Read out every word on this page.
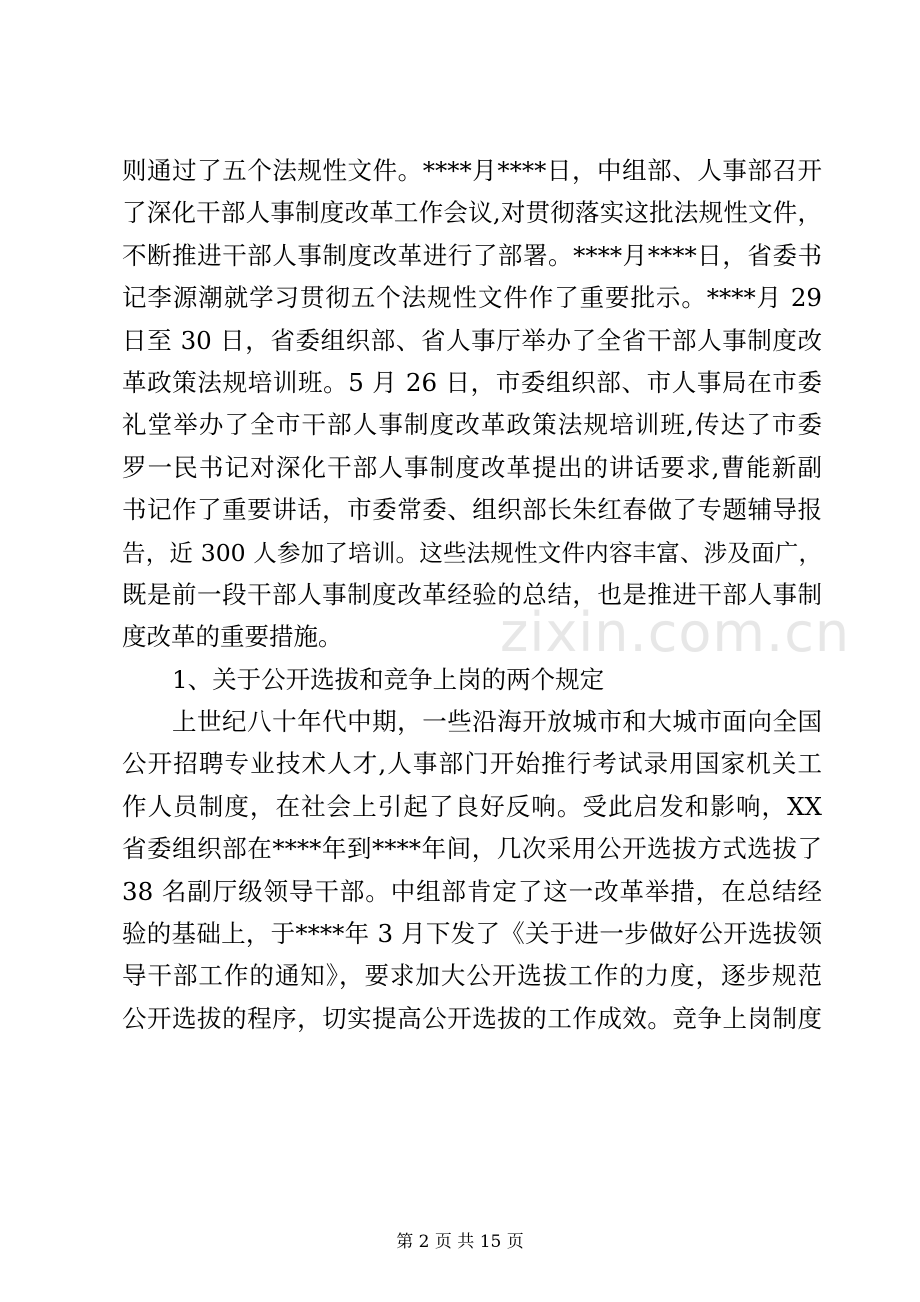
则通过了五个法规性文件。****月****日，中组部、人事部召开
了深化干部人事制度改革工作会议,对贯彻落实这批法规性文件，
不断推进干部人事制度改革进行了部署。****月****日，省委书
记李源潮就学习贯彻五个法规性文件作了重要批示。****月 29
日至 30 日，省委组织部、省人事厅举办了全省干部人事制度改
革政策法规培训班。5 月 26 日，市委组织部、市人事局在市委
礼堂举办了全市干部人事制度改革政策法规培训班,传达了市委
罗一民书记对深化干部人事制度改革提出的讲话要求,曹能新副
书记作了重要讲话，市委常委、组织部长朱红春做了专题辅导报
告，近 300 人参加了培训。这些法规性文件内容丰富、涉及面广，
既是前一段干部人事制度改革经验的总结，也是推进干部人事制
度改革的重要措施。
1、关于公开选拔和竞争上岗的两个规定
上世纪八十年代中期，一些沿海开放城市和大城市面向全国
公开招聘专业技术人才,人事部门开始推行考试录用国家机关工
作人员制度，在社会上引起了良好反响。受此启发和影响，XX
省委组织部在****年到****年间，几次采用公开选拔方式选拔了
38 名副厅级领导干部。中组部肯定了这一改革举措，在总结经
验的基础上，于****年 3 月下发了《关于进一步做好公开选拔领
导干部工作的通知》，要求加大公开选拔工作的力度，逐步规范
公开选拔的程序，切实提高公开选拔的工作成效。竞争上岗制度
zixin.com.cn
第 2 页 共 15 页
